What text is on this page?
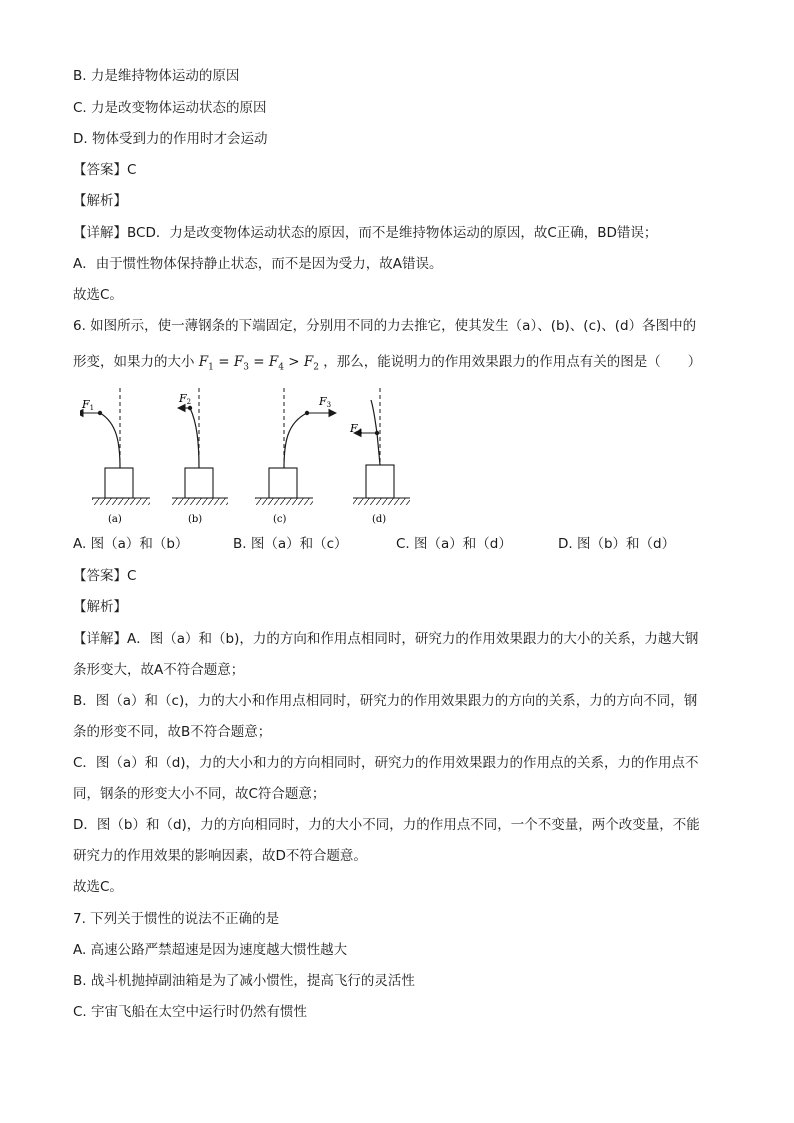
B. 力是维持物体运动的原因
C. 力是改变物体运动状态的原因
D. 物体受到力的作用时才会运动
【答案】C
【解析】
【详解】BCD．力是改变物体运动状态的原因，而不是维持物体运动的原因，故C正确，BD错误；
A．由于惯性物体保持静止状态，而不是因为受力，故A错误。
故选C。
6. 如图所示，使一薄钢条的下端固定，分别用不同的力去推它，使其发生（a）、(b)、(c)、(d）各图中的
形变，如果力的大小 $F_1 = F_3 = F_4 > F_2$ ，那么，能说明力的作用效果跟力的作用点有关的图是（　　）
F1
(a)
F2
(b)
F3
(c)
F4
(d)
A. 图（a）和（b）	B. 图（a）和（c）	C. 图（a）和（d）	D. 图（b）和（d）
【答案】C
【解析】
【详解】A．图（a）和（b)，力的方向和作用点相同时，研究力的作用效果跟力的大小的关系，力越大钢
条形变大，故A不符合题意；
B．图（a）和（c)，力的大小和作用点相同时，研究力的作用效果跟力的方向的关系，力的方向不同，钢
条的形变不同，故B不符合题意；
C．图（a）和（d)，力的大小和力的方向相同时，研究力的作用效果跟力的作用点的关系，力的作用点不
同，钢条的形变大小不同，故C符合题意；
D．图（b）和（d)，力的方向相同时，力的大小不同，力的作用点不同，一个不变量，两个改变量，不能
研究力的作用效果的影响因素，故D不符合题意。
故选C。
7. 下列关于惯性的说法不正确的是
A. 高速公路严禁超速是因为速度越大惯性越大
B. 战斗机抛掉副油箱是为了减小惯性，提高飞行的灵活性
C. 宇宙飞船在太空中运行时仍然有惯性
